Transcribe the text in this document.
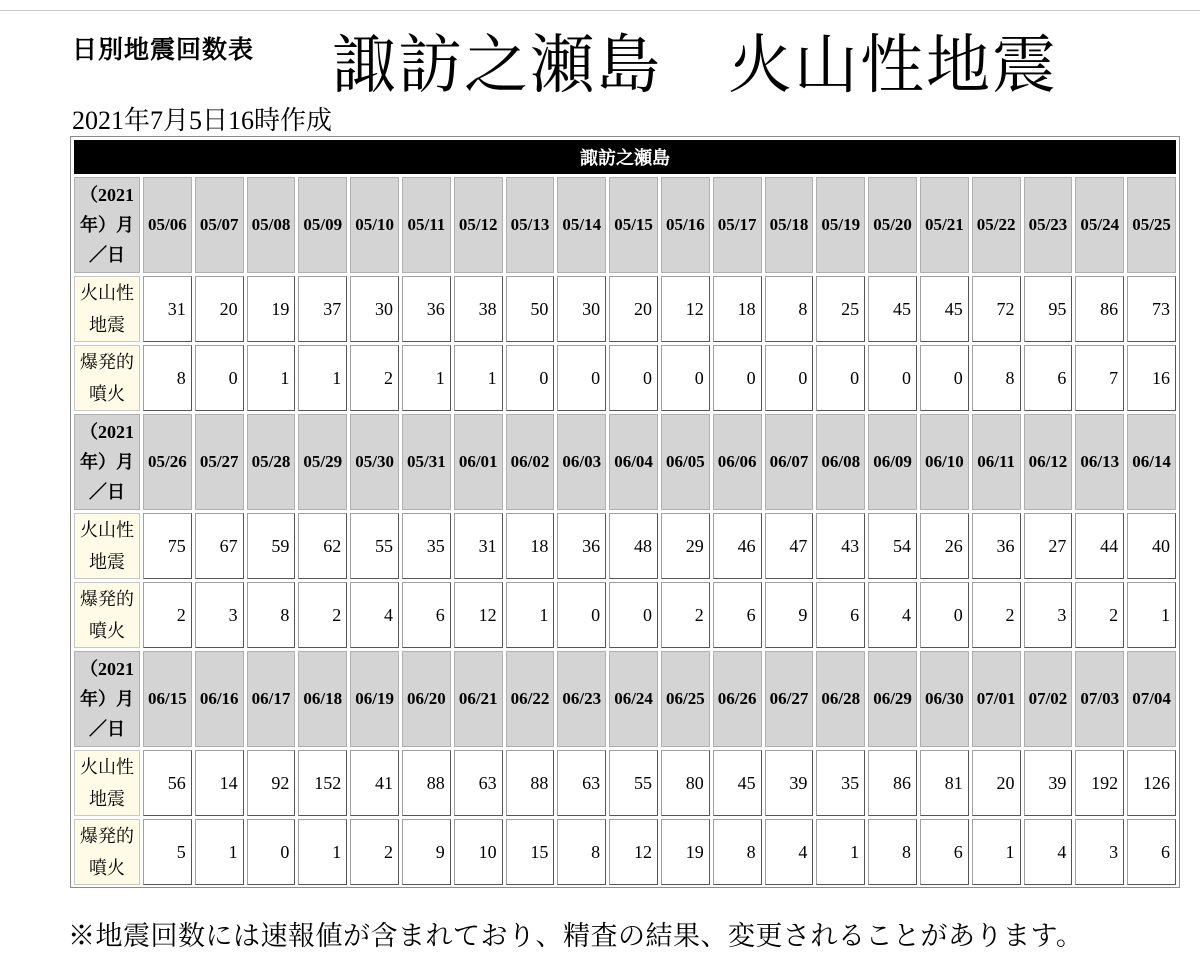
日別地震回数表 諏訪之瀬島　火山性地震
2021年7月5日16時作成
諏訪之瀬島																				

（2021
年）月
／日	05/06	05/07	05/08	05/09	05/10	05/11	05/12	05/13	05/14	05/15	05/16	05/17	05/18	05/19	05/20	05/21	05/22	05/23	05/24	05/25

火山性
地震	31	20	19	37	30	36	38	50	30	20	12	18	8	25	45	45	72	95	86	73

爆発的
噴火	8	0	1	1	2	1	1	0	0	0	0	0	0	0	0	0	8	6	7	16

（2021
年）月
／日	05/26	05/27	05/28	05/29	05/30	05/31	06/01	06/02	06/03	06/04	06/05	06/06	06/07	06/08	06/09	06/10	06/11	06/12	06/13	06/14

火山性
地震	75	67	59	62	55	35	31	18	36	48	29	46	47	43	54	26	36	27	44	40

爆発的
噴火	2	3	8	2	4	6	12	1	0	0	2	6	9	6	4	0	2	3	2	1

（2021
年）月
／日	06/15	06/16	06/17	06/18	06/19	06/20	06/21	06/22	06/23	06/24	06/25	06/26	06/27	06/28	06/29	06/30	07/01	07/02	07/03	07/04

火山性
地震	56	14	92	152	41	88	63	88	63	55	80	45	39	35	86	81	20	39	192	126

爆発的
噴火	5	1	0	1	2	9	10	15	8	12	19	8	4	1	8	6	1	4	3	6
※地震回数には速報値が含まれており、精査の結果、変更されることがあります。
